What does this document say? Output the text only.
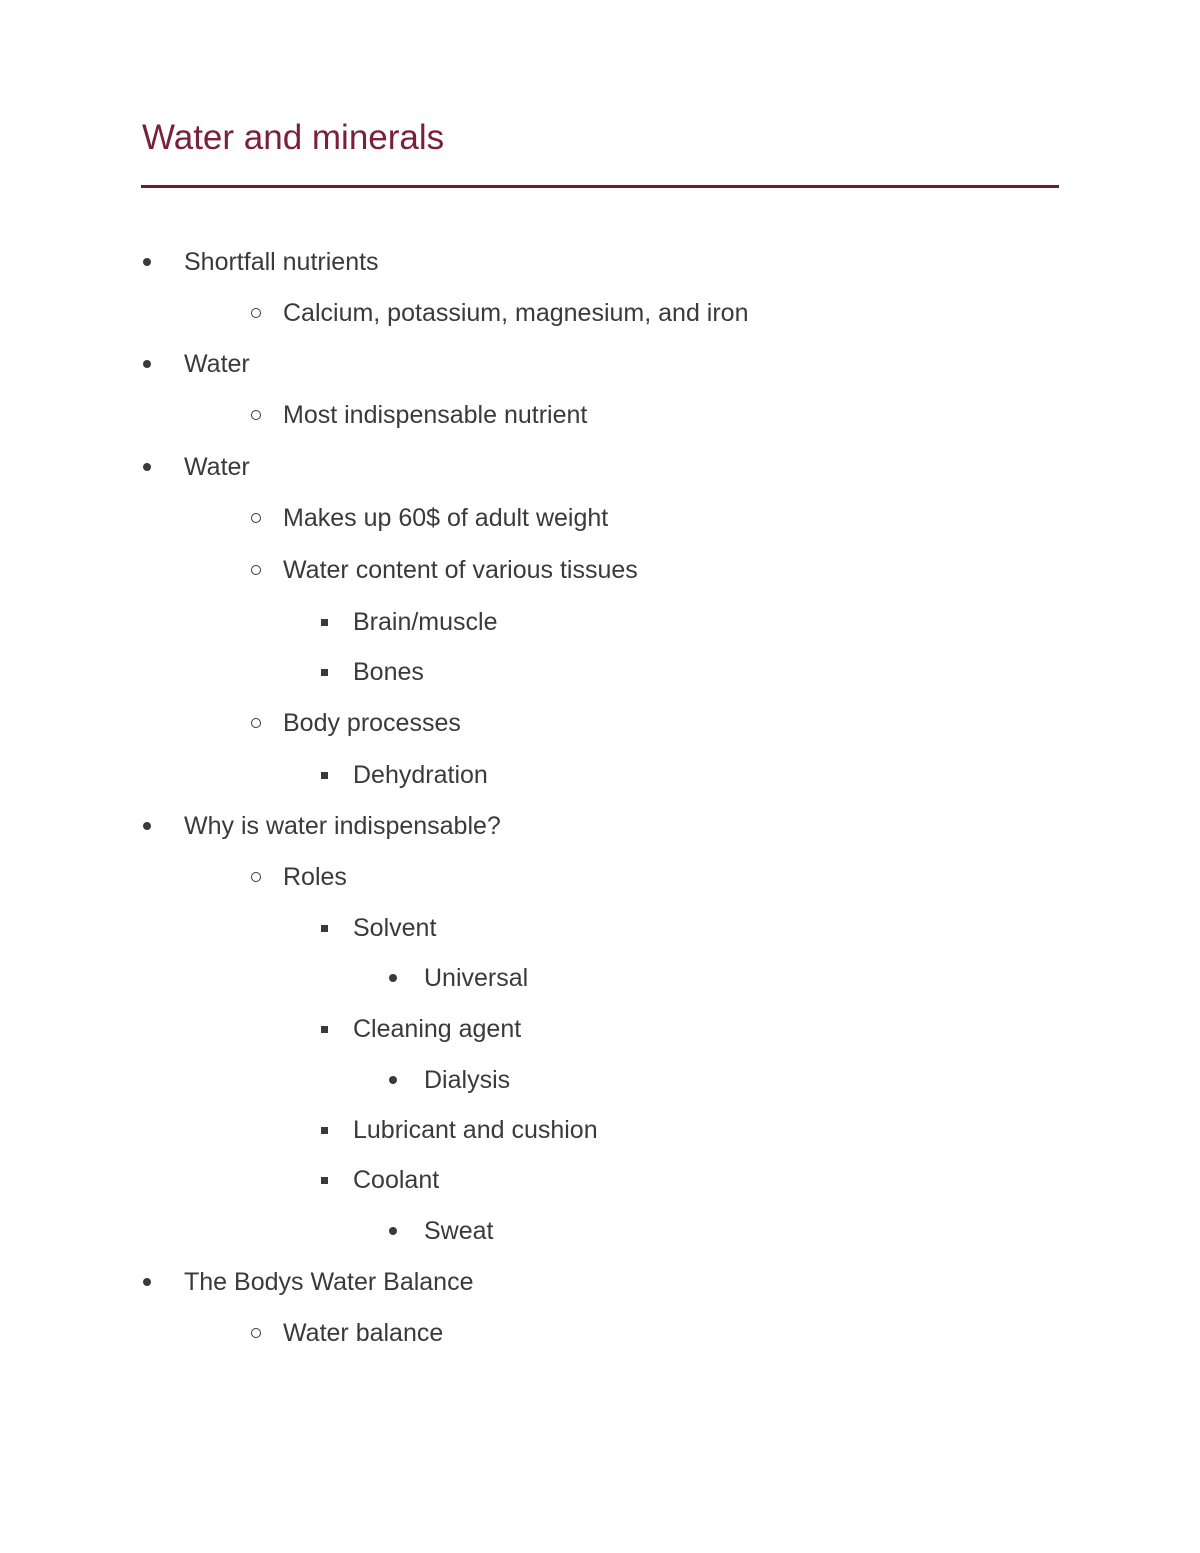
Water and minerals
Shortfall nutrients
Calcium, potassium, magnesium, and iron
Water
Most indispensable nutrient
Water
Makes up 60$ of adult weight
Water content of various tissues
Brain/muscle
Bones
Body processes
Dehydration
Why is water indispensable?
Roles
Solvent
Universal
Cleaning agent
Dialysis
Lubricant and cushion
Coolant
Sweat
The Bodys Water Balance
Water balance
